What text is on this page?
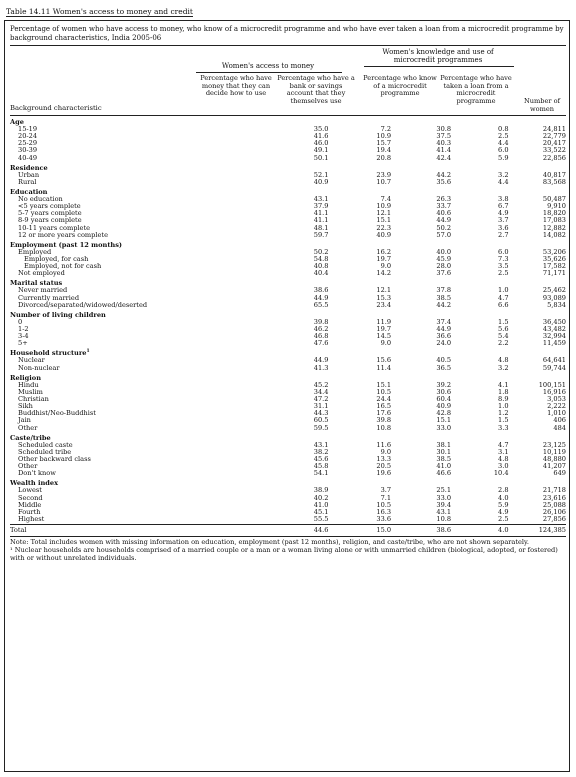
Table 14.11 Women's access to money and credit
Percentage of women who have access to money, who know of a microcredit programme and who have ever taken a loan from a microcredit programme by background characteristics, India 2005-06
Women's access to money
Women's knowledge and use of microcredit programmes
Percentage who have money that they can decide how to use
Percentage who have a bank or savings account that they themselves use
Percentage who know of a microcredit programme
Percentage who have taken a loan from a microcredit programme	Number of women
Background characteristic
Age					
15-19	35.0	7.2	30.8	0.8	24,811
20-24	41.6	10.9	37.5	2.5	22,779
25-29	46.0	15.7	40.3	4.4	20,417
30-39	49.1	19.4	41.4	6.0	33,522
40-49	50.1	20.8	42.4	5.9	22,856
Residence					
Urban	52.1	23.9	44.2	3.2	40,817
Rural	40.9	10.7	35.6	4.4	83,568
Education					
No education	43.1	7.4	26.3	3.8	50,487
<5 years complete	37.9	10.9	33.7	6.7	9,910
5-7 years complete	41.1	12.1	40.6	4.9	18,820
8-9 years complete	41.1	15.1	44.9	3.7	17,083
10-11 years complete	48.1	22.3	50.2	3.6	12,882
12 or more years complete	59.7	40.9	57.0	2.7	14,082
Employment (past 12 months)					
Employed	50.2	16.2	40.0	6.0	53,206
Employed, for cash	54.8	19.7	45.9	7.3	35,626
Employed, not for cash	40.8	9.0	28.0	3.5	17,582
Not employed	40.4	14.2	37.6	2.5	71,171
Marital status					
Never married	38.6	12.1	37.8	1.0	25,462
Currently married	44.9	15.3	38.5	4.7	93,089
Divorced/separated/widowed/deserted	65.5	23.4	44.2	6.6	5,834
Number of living children					
0	39.8	11.9	37.4	1.5	36,450
1-2	46.2	19.7	44.9	5.6	43,482
3-4	46.8	14.5	36.6	5.4	32,994
5+	47.6	9.0	24.0	2.2	11,459
Household structure$^1$
Nuclear	44.9	15.6	40.5	4.8	64,641
Non-nuclear	41.3	11.4	36.5	3.2	59,744
Religion					
Hindu	45.2	15.1	39.2	4.1	100,151
Muslim	34.4	10.5	30.6	1.8	16,916
Christian	47.2	24.4	60.4	8.9	3,053
Sikh	31.1	16.5	40.9	1.0	2,222
Buddhist/Neo-Buddhist	44.3	17.6	42.8	1.2	1,010
Jain	60.5	39.8	15.1	1.5	406
Other	59.5	10.8	33.0	3.3	484
Caste/tribe					
Scheduled caste	43.1	11.6	38.1	4.7	23,125
Scheduled tribe	38.2	9.0	30.1	3.1	10,119
Other backward class	45.6	13.3	38.5	4.8	48,880
Other	45.8	20.5	41.0	3.0	41,207
Don't know	54.1	19.6	46.6	10.4	649
Wealth index					
Lowest	38.9	3.7	25.1	2.8	21,718
Second	40.2	7.1	33.0	4.0	23,616
Middle	41.0	10.5	39.4	5.9	25,088
Fourth	45.1	16.3	43.1	4.9	26,106
Highest	55.5	33.6	10.8	2.5	27,856
Total	44.6	15.0	38.6	4.0	124,385
Note: Total includes women with missing information on education, employment (past 12 months), religion, and caste/tribe, who are not shown separately.
¹ Nuclear households are households comprised of a married couple or a man or a woman living alone or with unmarried children (biological, adopted, or fostered) with or without unrelated individuals.
